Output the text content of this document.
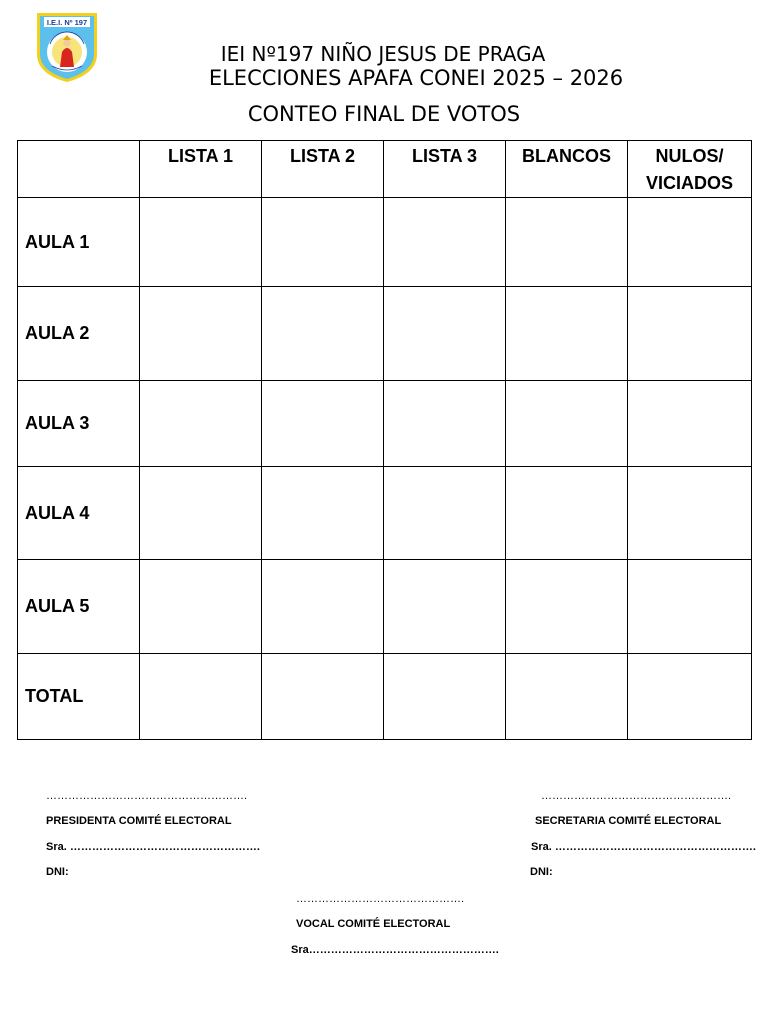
I.E.I. Nº 197
IEI Nº197 NIÑO JESUS DE PRAGA
ELECCIONES APAFA CONEI 2025 – 2026
CONTEO FINAL DE VOTOS
	LISTA 1	LISTA 2	LISTA 3	BLANCOS	NULOS/ VICIADOS
AULA 1					
AULA 2					
AULA 3					
AULA 4					
AULA 5					
TOTAL					
……………………………………………….
PRESIDENTA COMITÉ ELECTORAL
Sra. …………………………………………….
DNI:
…………………………………………….
SECRETARIA COMITÉ ELECTORAL
Sra. ……………………………………………….
DNI:
……………………………………….
VOCAL COMITÉ ELECTORAL
Sra…………………………………………….
